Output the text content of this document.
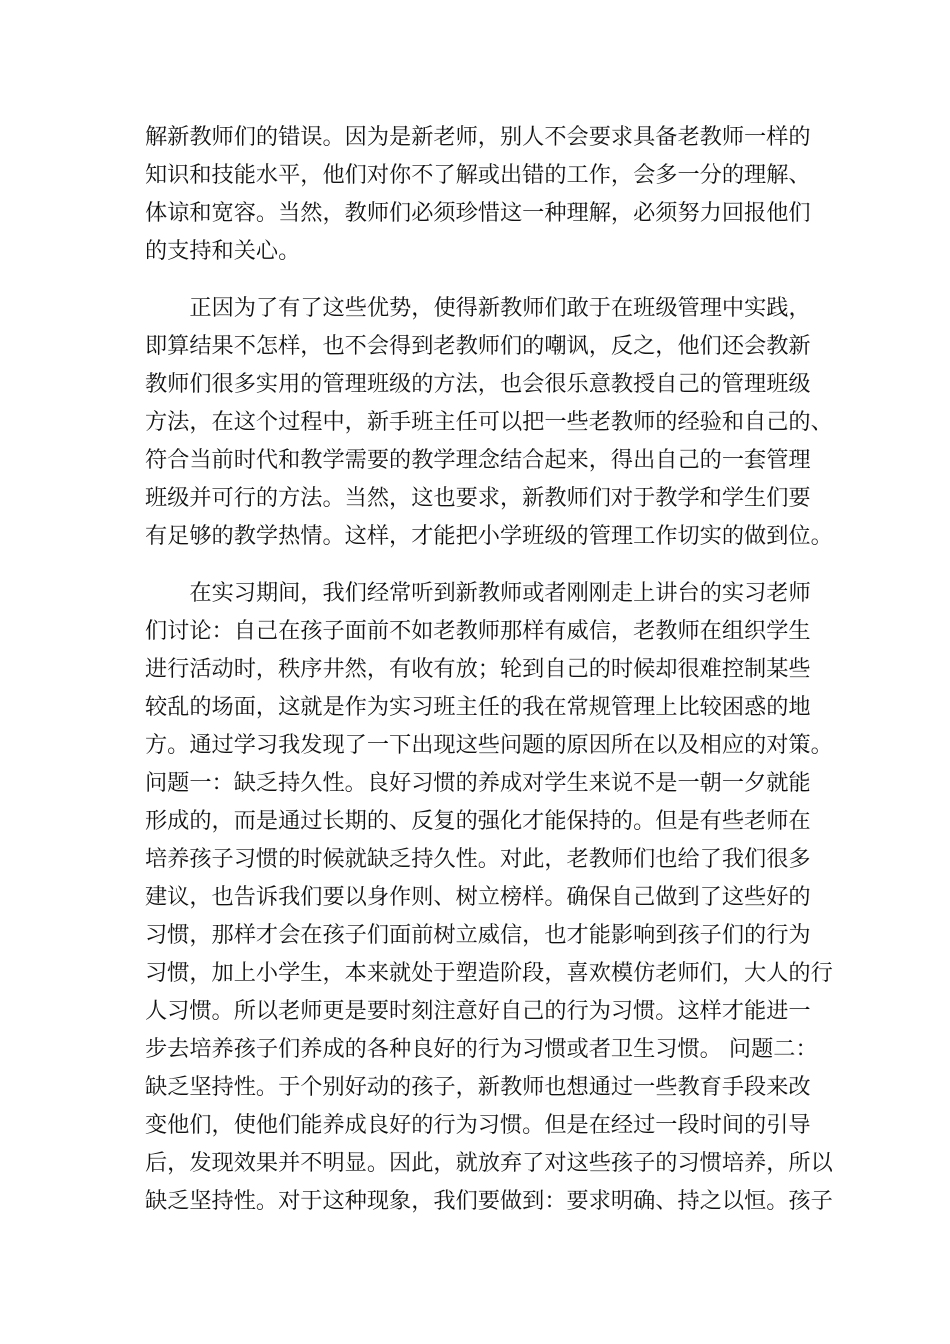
解新教师们的错误。因为是新老师，别人不会要求具备老教师一样的
知识和技能水平，他们对你不了解或出错的工作，会多一分的理解、
体谅和宽容。当然，教师们必须珍惜这一种理解，必须努力回报他们
的支持和关心。
正因为了有了这些优势，使得新教师们敢于在班级管理中实践，
即算结果不怎样，也不会得到老教师们的嘲讽，反之，他们还会教新
教师们很多实用的管理班级的方法，也会很乐意教授自己的管理班级
方法，在这个过程中，新手班主任可以把一些老教师的经验和自己的、
符合当前时代和教学需要的教学理念结合起来，得出自己的一套管理
班级并可行的方法。当然，这也要求，新教师们对于教学和学生们要
有足够的教学热情。这样，才能把小学班级的管理工作切实的做到位。
在实习期间，我们经常听到新教师或者刚刚走上讲台的实习老师
们讨论：自己在孩子面前不如老教师那样有威信，老教师在组织学生
进行活动时，秩序井然，有收有放；轮到自己的时候却很难控制某些
较乱的场面，这就是作为实习班主任的我在常规管理上比较困惑的地
方。通过学习我发现了一下出现这些问题的原因所在以及相应的对策。
问题一：缺乏持久性。良好习惯的养成对学生来说不是一朝一夕就能
形成的，而是通过长期的、反复的强化才能保持的。但是有些老师在
培养孩子习惯的时候就缺乏持久性。对此，老教师们也给了我们很多
建议，也告诉我们要以身作则、树立榜样。确保自己做到了这些好的
习惯，那样才会在孩子们面前树立威信，也才能影响到孩子们的行为
习惯，加上小学生，本来就处于塑造阶段，喜欢模仿老师们，大人的行
人习惯。所以老师更是要时刻注意好自己的行为习惯。这样才能进一
步去培养孩子们养成的各种良好的行为习惯或者卫生习惯。 问题二：
缺乏坚持性。于个别好动的孩子，新教师也想通过一些教育手段来改
变他们，使他们能养成良好的行为习惯。但是在经过一段时间的引导
后，发现效果并不明显。因此，就放弃了对这些孩子的习惯培养，所以
缺乏坚持性。对于这种现象，我们要做到：要求明确、持之以恒。孩子
